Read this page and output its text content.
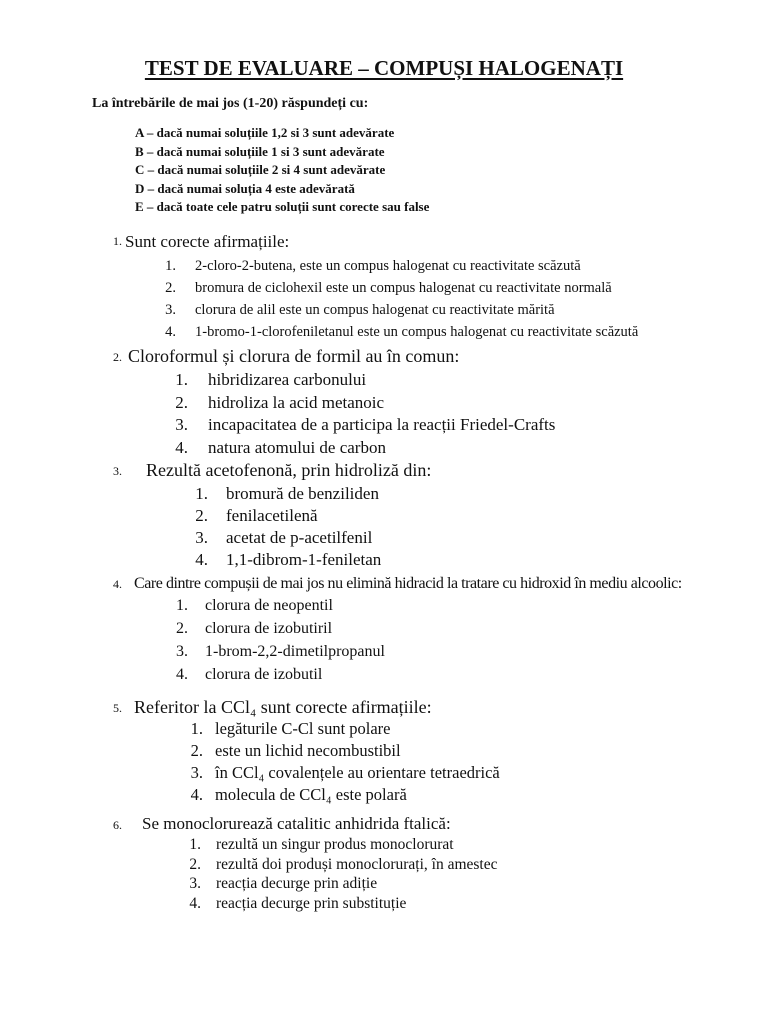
TEST DE EVALUARE – COMPUȘI HALOGENAȚI
La întrebările de mai jos (1-20) răspundeți cu:
A – dacă numai soluțiile 1,2 si 3 sunt adevărate
B – dacă numai soluțiile 1 si 3 sunt adevărate
C – dacă numai soluțiile 2 si 4 sunt adevărate
D – dacă numai soluția 4 este adevărată
E – dacă toate cele patru soluții sunt corecte sau false
1. Sunt corecte afirmațiile:
1. 2-cloro-2-butena, este un compus halogenat cu reactivitate scăzută
2. bromura de ciclohexil este un compus halogenat cu reactivitate normală
3. clorura de alil este un compus halogenat cu reactivitate mărită
4. 1-bromo-1-clorofeniletanul este un compus halogenat cu reactivitate scăzută
2. Cloroformul și clorura de formil au în comun:
1. hibridizarea carbonului
2. hidroliza la acid metanoic
3. incapacitatea de a participa la reacții Friedel-Crafts
4. natura atomului de carbon
3. Rezultă acetofenonă, prin hidroliză din:
1. bromură de benziliden
2. fenilacetilenă
3. acetat de p-acetilfenil
4. 1,1-dibrom-1-feniletan
4. Care dintre compușii de mai jos nu elimină hidracid la tratare cu hidroxid în mediu alcoolic:
1. clorura de neopentil
2. clorura de izobutiril
3. 1-brom-2,2-dimetilpropanul
4. clorura de izobutil
5. Referitor la CCl₄ sunt corecte afirmațiile:
1. legăturile C-Cl sunt polare
2. este un lichid necombustibil
3. în CCl₄ covalențele au orientare tetraedrică
4. molecula de CCl₄ este polară
6. Se monoclorurează catalitic anhidrida ftalică:
1. rezultă un singur produs monoclorurat
2. rezultă doi produși monoclorurați, în amestec
3. reacția decurge prin adiție
4. reacția decurge prin substituție
